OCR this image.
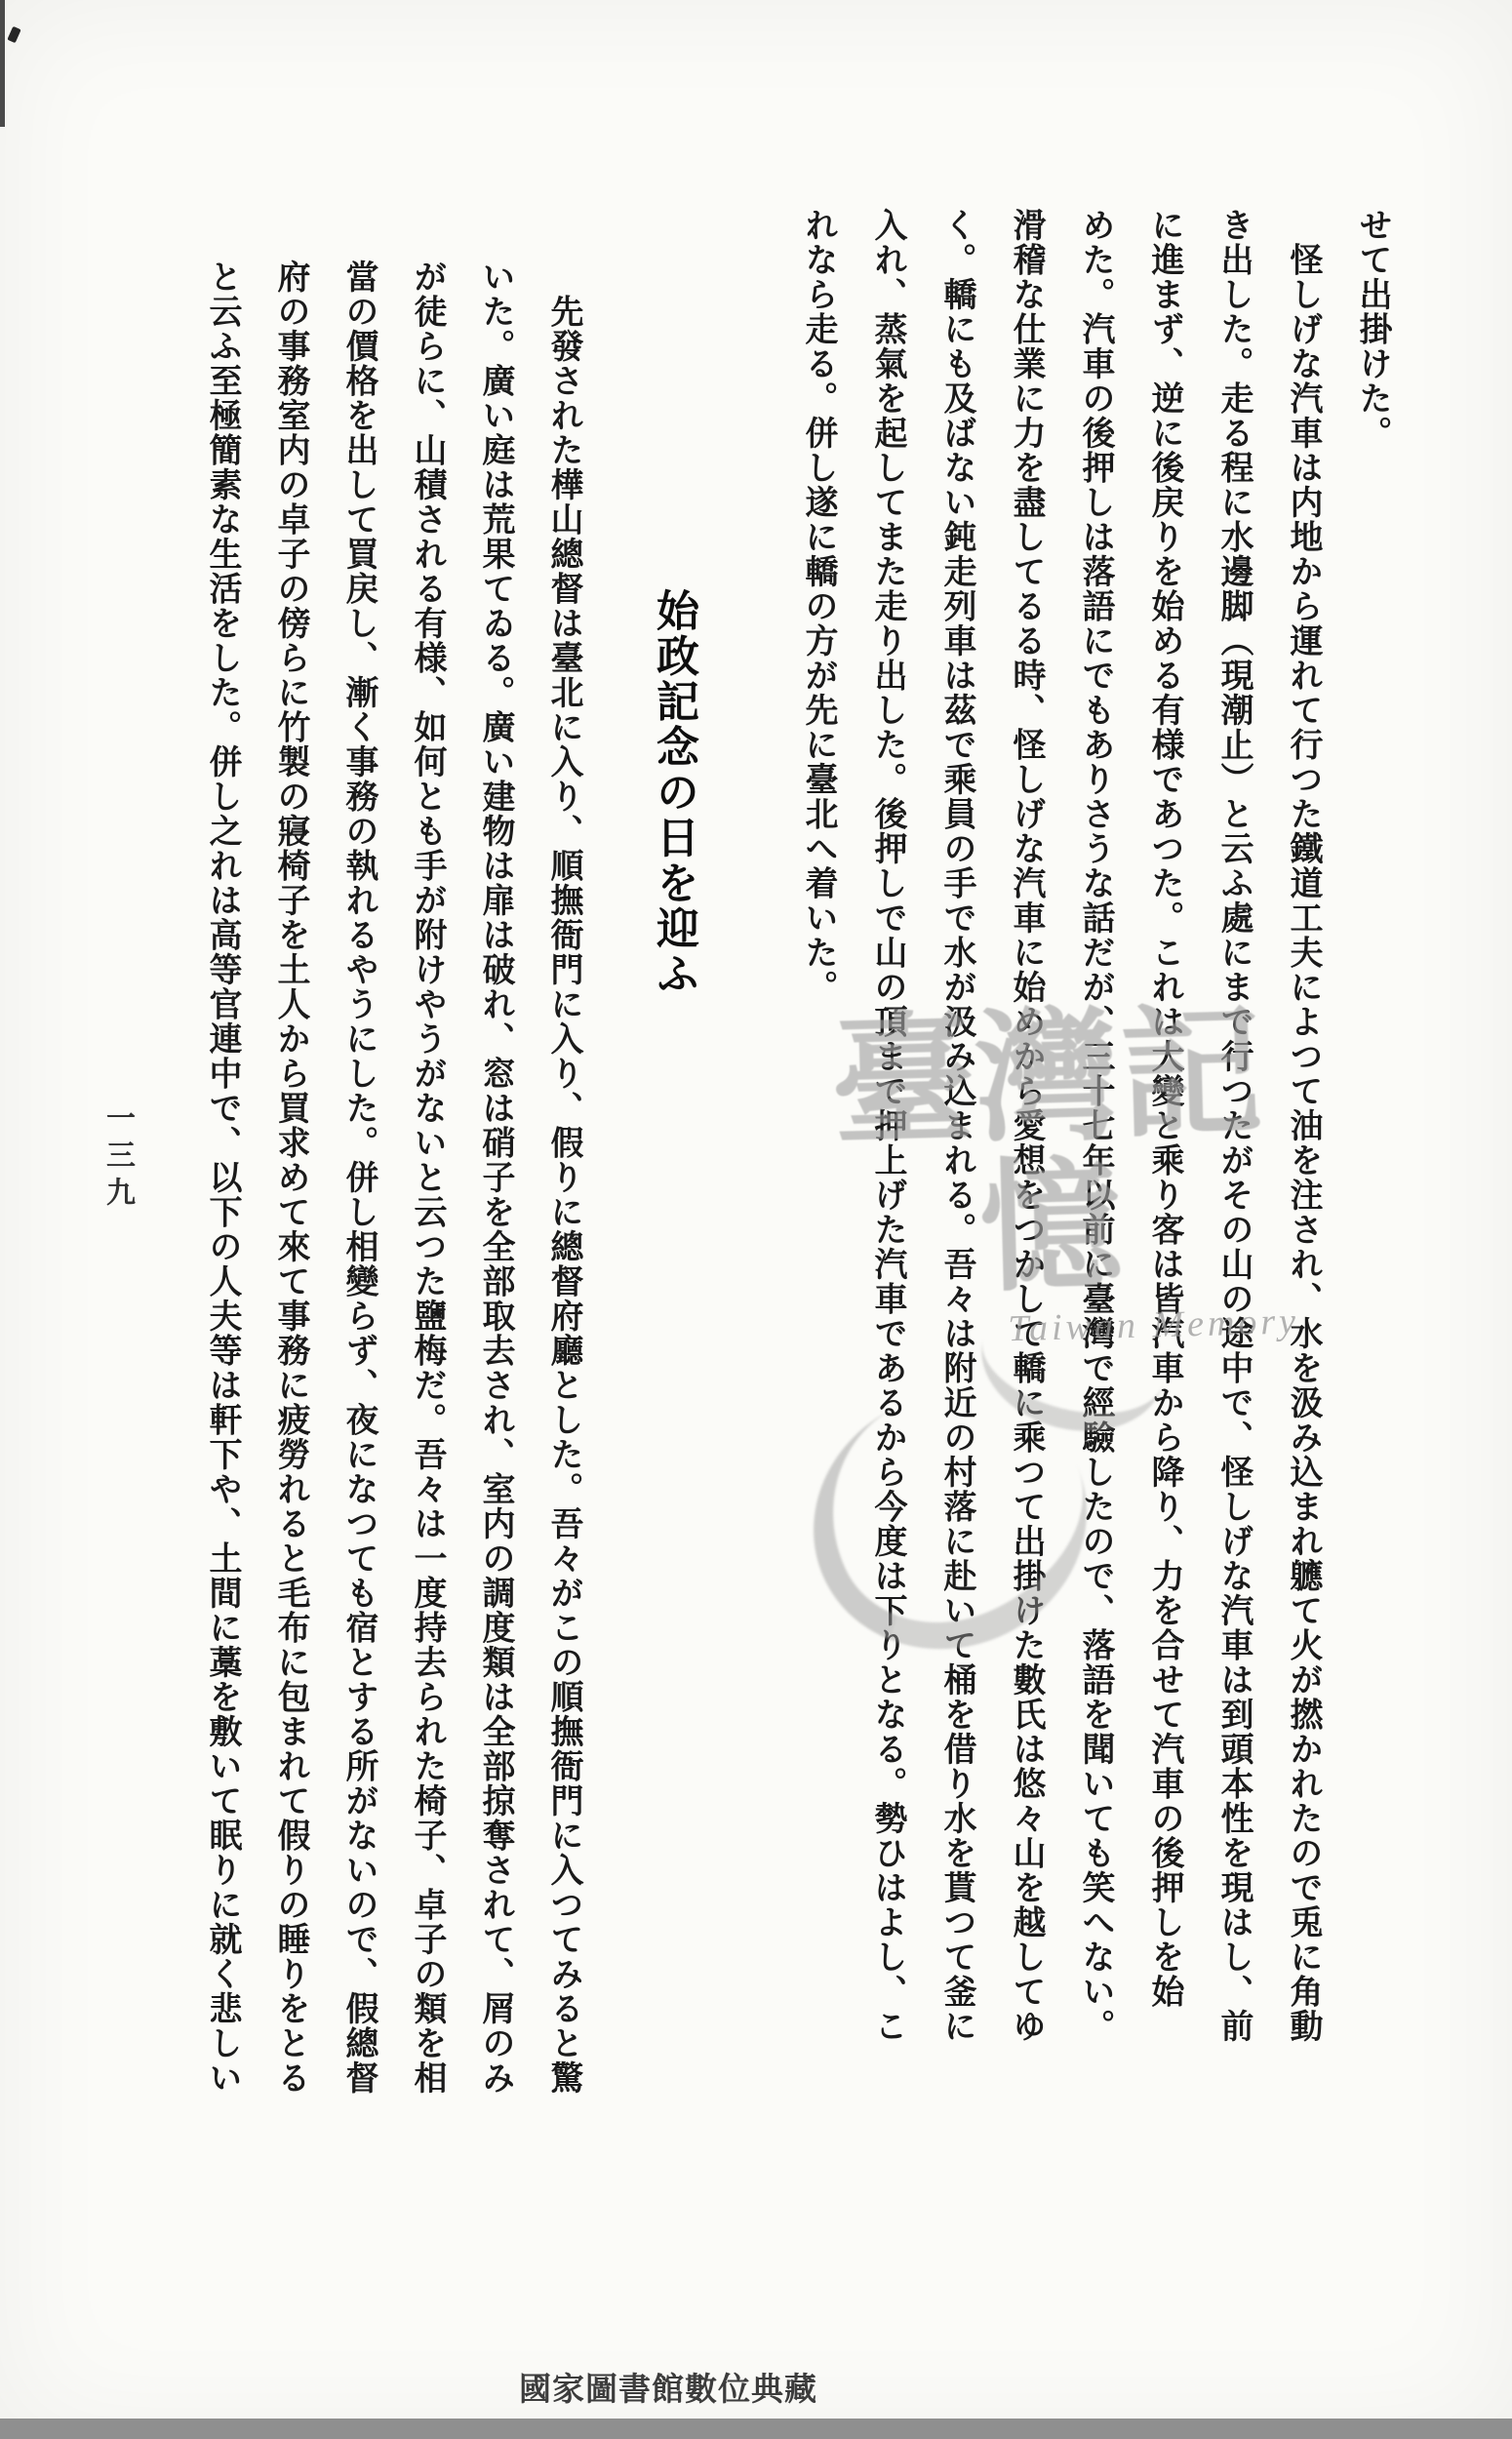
せて出掛けた。
　怪しげな汽車は内地から運れて行つた鐵道工夫によつて油を注され、水を汲み込まれ軈て火が撚かれたので兎に角動
き出した。走る程に水邊脚（現潮止）と云ふ處にまで行つたがその山の途中で、怪しげな汽車は到頭本性を現はし、前
に進まず、逆に後戻りを始める有様であつた。これは大變と乘り客は皆汽車から降り、力を合せて汽車の後押しを始
めた。汽車の後押しは落語にでもありさうな話だが、三十七年以前に臺灣で經驗したので、落語を聞いても笑へない。
滑稽な仕業に力を盡してるる時、怪しげな汽車に始めから愛想をつかして轎に乘つて出掛けた數氏は悠々山を越してゆ
く。轎にも及ばない鈍走列車は茲で乘員の手で水が汲み込まれる。吾々は附近の村落に赴いて桶を借り水を貰つて釜に
入れ、蒸氣を起してまた走り出した。後押しで山の頂まで押上げた汽車であるから今度は下りとなる。勢ひはよし、こ
れなら走る。併し遂に轎の方が先に臺北へ着いた。
始政記念の日を迎ふ
　先發された樺山總督は臺北に入り、順撫衙門に入り、假りに總督府廳とした。吾々がこの順撫衙門に入つてみると驚
いた。廣い庭は荒果てゐる。廣い建物は扉は破れ、窓は硝子を全部取去され、室内の調度類は全部掠奪されて、屑のみ
が徒らに、山積される有様、如何とも手が附けやうがないと云つた鹽梅だ。吾々は一度持去られた椅子、卓子の類を相
當の價格を出して買戻し、漸く事務の執れるやうにした。併し相變らず、夜になつても宿とする所がないので、假總督
府の事務室内の卓子の傍らに竹製の寢椅子を土人から買求めて來て事務に疲勞れると毛布に包まれて假りの睡りをとる
と云ふ至極簡素な生活をした。併し之れは高等官連中で、以下の人夫等は軒下や、土間に藁を敷いて眠りに就く悲しい
一三九	臺灣記憶
Taiwan Memory
國家圖書館數位典藏
